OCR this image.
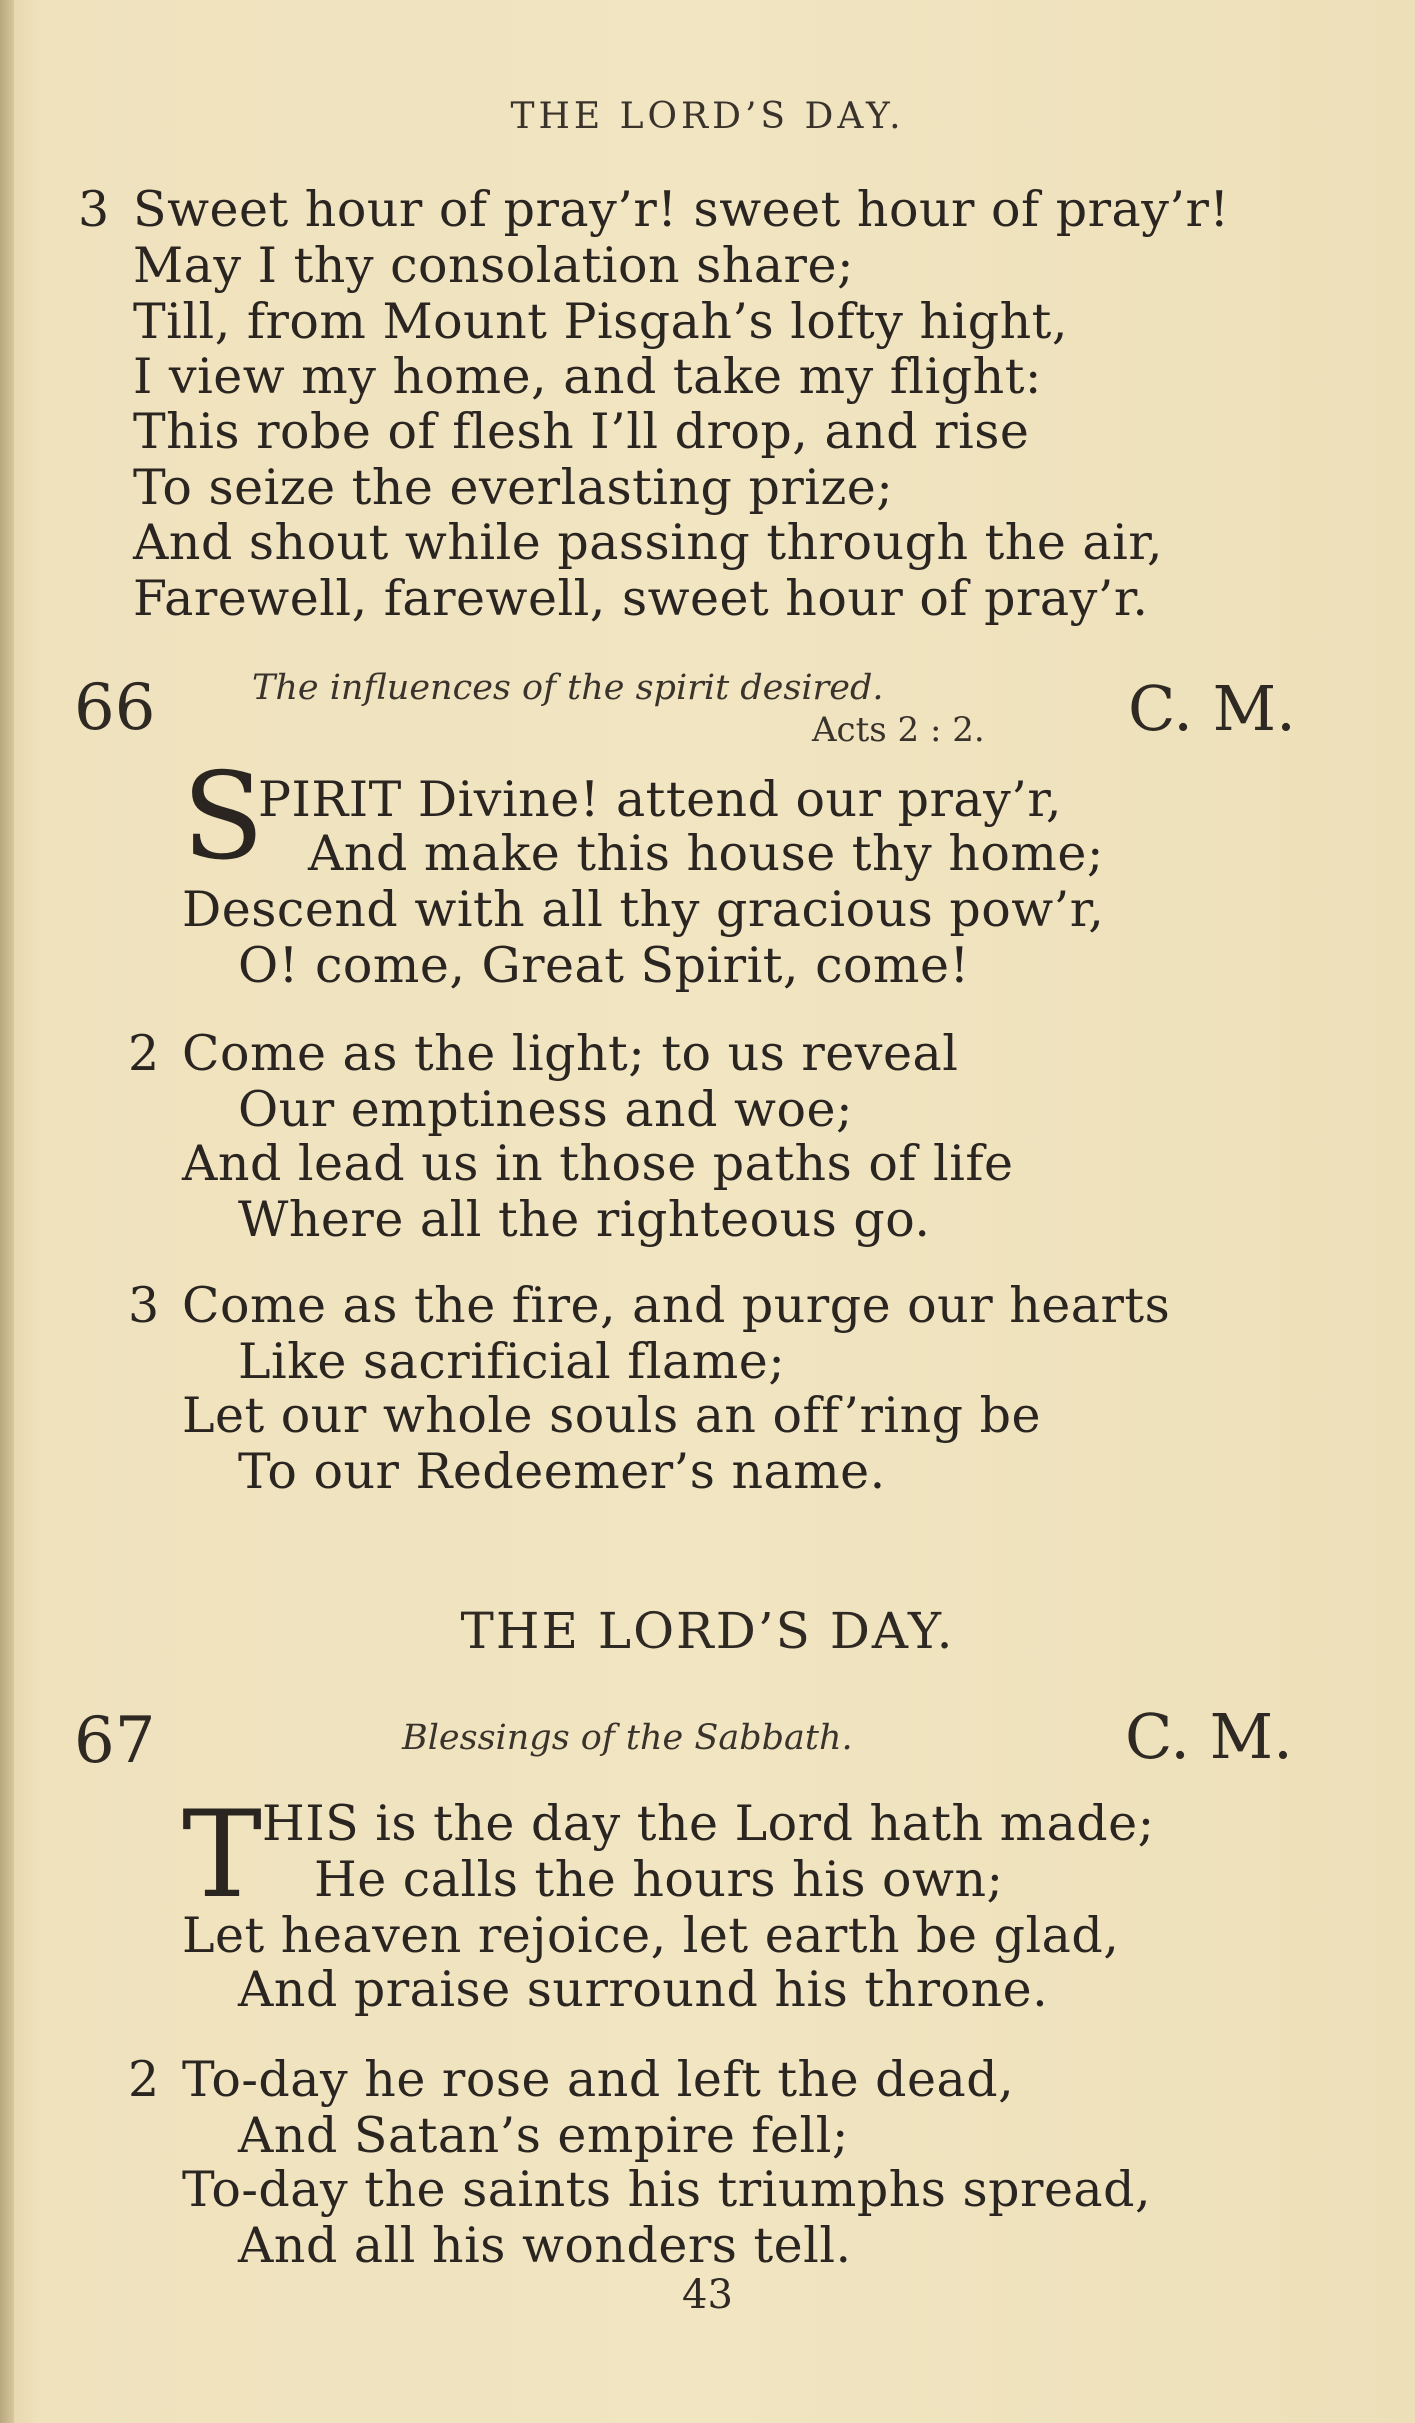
THE LORD’S DAY.
3 Sweet hour of pray’r! sweet hour of pray’r!
May I thy consolation share;
Till, from Mount Pisgah’s lofty hight,
I view my home, and take my flight:
This robe of flesh I’ll drop, and rise
To seize the everlasting prize;
And shout while passing through the air,
Farewell, farewell, sweet hour of pray’r.
66	The influences of the spirit desired.
Acts 2 : 2. C. M.
S
PIRIT Divine! attend our pray’r,
And make this house thy home;
Descend with all thy gracious pow’r,
O! come, Great Spirit, come!
2 Come as the light; to us reveal
Our emptiness and woe;
And lead us in those paths of life
Where all the righteous go.
3 Come as the fire, and purge our hearts
Like sacrificial flame;
Let our whole souls an off’ring be
To our Redeemer’s name.
THE LORD’S DAY.
67	Blessings of the Sabbath.	C. M.
T HIS is the day the Lord hath made;
He calls the hours his own;
Let heaven rejoice, let earth be glad,
And praise surround his throne.
2 To-day he rose and left the dead,
And Satan’s empire fell;
To-day the saints his triumphs spread,
And all his wonders tell.
43
